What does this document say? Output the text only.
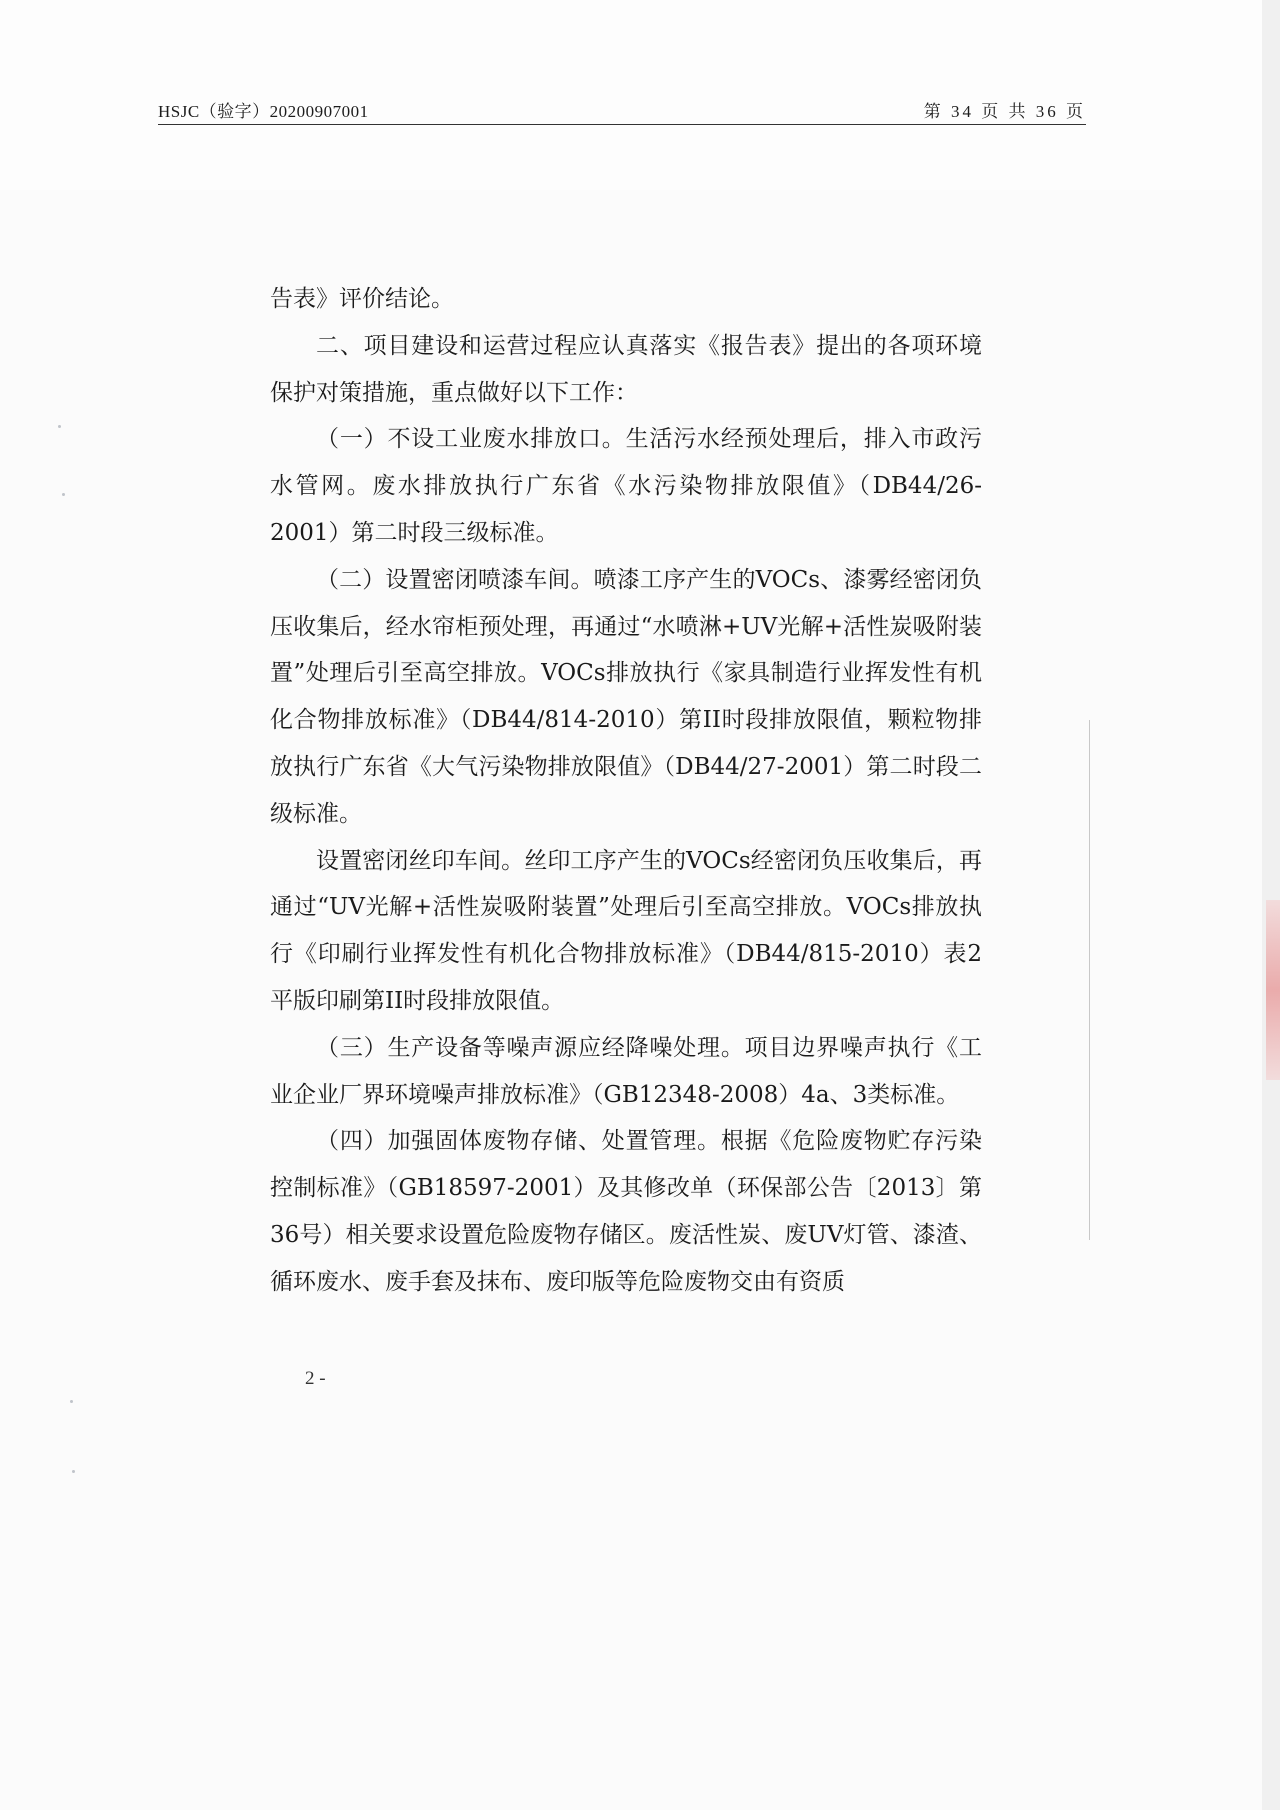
HSJC（验字）20200907001	第 34 页 共 36 页

告表》评价结论。

二、项目建设和运营过程应认真落实《报告表》提出的各项环境保护对策措施，重点做好以下工作：

（一）不设工业废水排放口。生活污水经预处理后，排入市政污水管网。废水排放执行广东省《水污染物排放限值》（DB44/26-2001）第二时段三级标准。

（二）设置密闭喷漆车间。喷漆工序产生的VOCs、漆雾经密闭负压收集后，经水帘柜预处理，再通过“水喷淋+UV光解+活性炭吸附装置”处理后引至高空排放。VOCs排放执行《家具制造行业挥发性有机化合物排放标准》（DB44/814-2010）第II时段排放限值，颗粒物排放执行广东省《大气污染物排放限值》（DB44/27-2001）第二时段二级标准。

设置密闭丝印车间。丝印工序产生的VOCs经密闭负压收集后，再通过“UV光解+活性炭吸附装置”处理后引至高空排放。VOCs排放执行《印刷行业挥发性有机化合物排放标准》（DB44/815-2010）表2平版印刷第II时段排放限值。

（三）生产设备等噪声源应经降噪处理。项目边界噪声执行《工业企业厂界环境噪声排放标准》（GB12348-2008）4a、3类标准。

（四）加强固体废物存储、处置管理。根据《危险废物贮存污染控制标准》（GB18597-2001）及其修改单（环保部公告〔2013〕第36号）相关要求设置危险废物存储区。废活性炭、废UV灯管、漆渣、循环废水、废手套及抹布、废印版等危险废物交由有资质

2 -
